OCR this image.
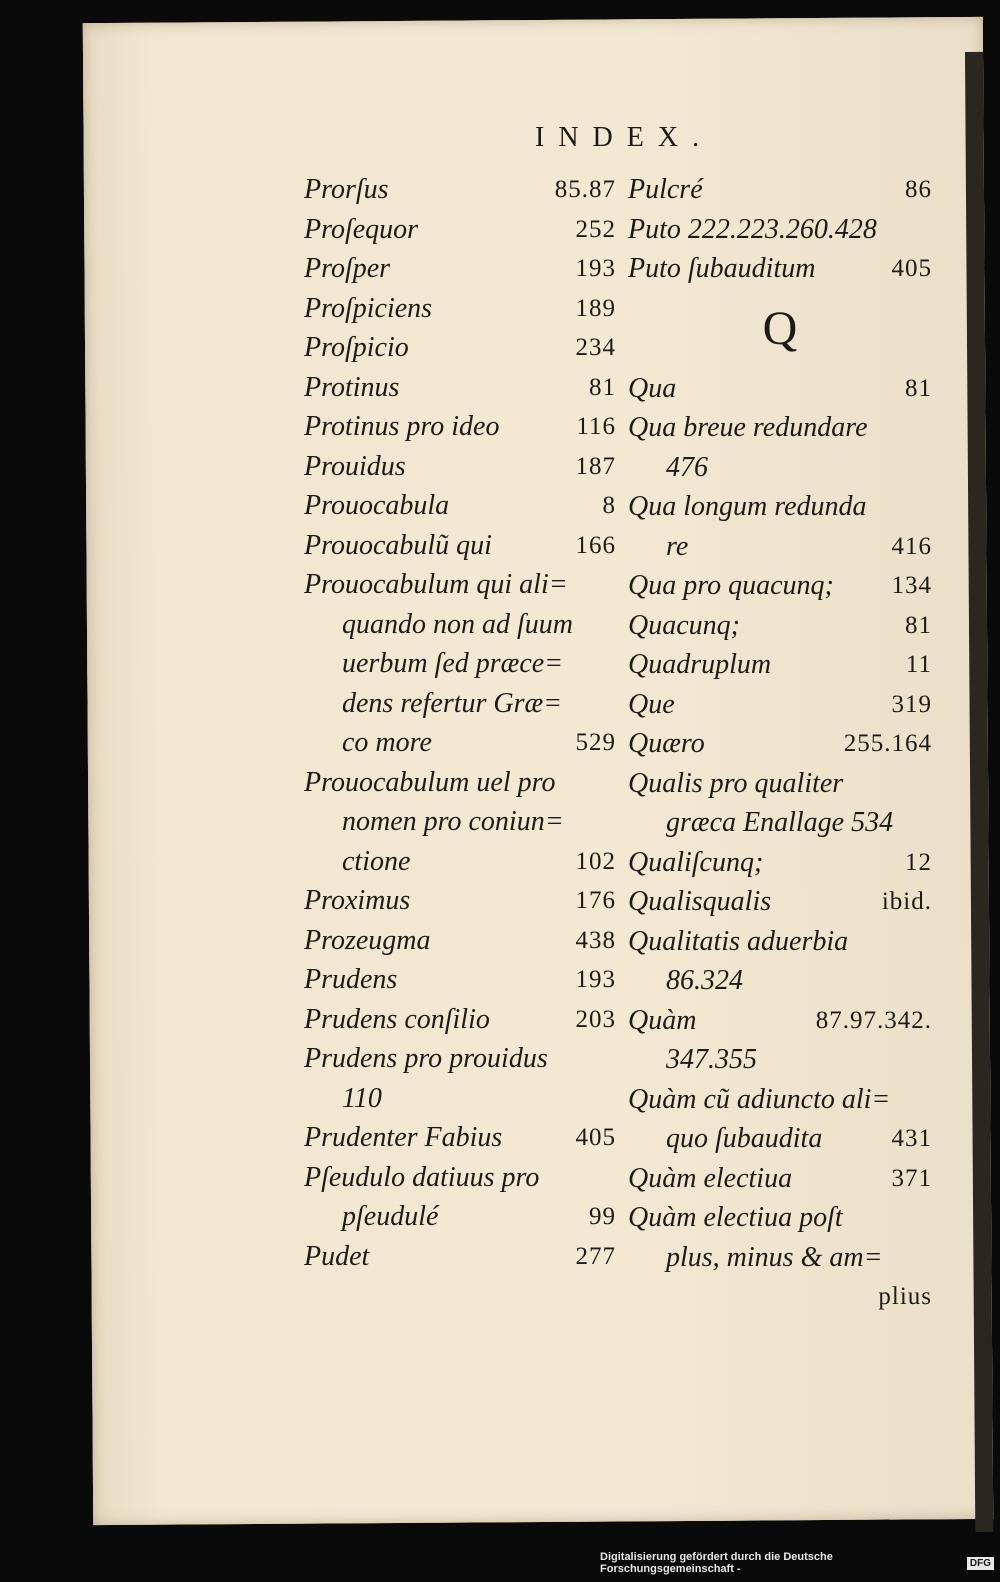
INDEX.
Prorſus	85.87
Proſequor	252
Proſper	193
Proſpiciens	189
Proſpicio	234
Protinus	81
Protinus pro ideo	116
Prouidus	187
Prouocabula	8
Prouocabulũ qui	166
Prouocabulum qui ali=
quando non ad ſuum
uerbum ſed præce=
dens refertur Græ=
co more	529
Prouocabulum uel pro
nomen pro coniun=
ctione	102
Proximus	176
Prozeugma	438
Prudens	193
Prudens conſilio	203
Prudens pro prouidus
110
Prudenter Fabius	405
Pſeudulo datiuus pro
pſeudulé	99
Pudet	277
Pulcré	86
Puto 222.223.260.428
Puto ſubauditum	405
Q
Qua	81
Qua breue redundare
476
Qua longum redunda
re	416
Qua pro quacunq; 134
Quacunq;	81
Quadruplum	11
Que	319
Quæro	255.164
Qualis pro qualiter
græca Enallage 534
Qualiſcunq;	12
Qualisqualis	ibid.
Qualitatis aduerbia
86.324
Quàm	87.97.342.
347.355
Quàm cũ adiuncto ali=
quo ſubaudita	431
Quàm electiua	371
Quàm electiua poſt
plus, minus & am=
plius
Digitalisierung gefördert durch die Deutsche Forschungsgemeinschaft -	DFG
